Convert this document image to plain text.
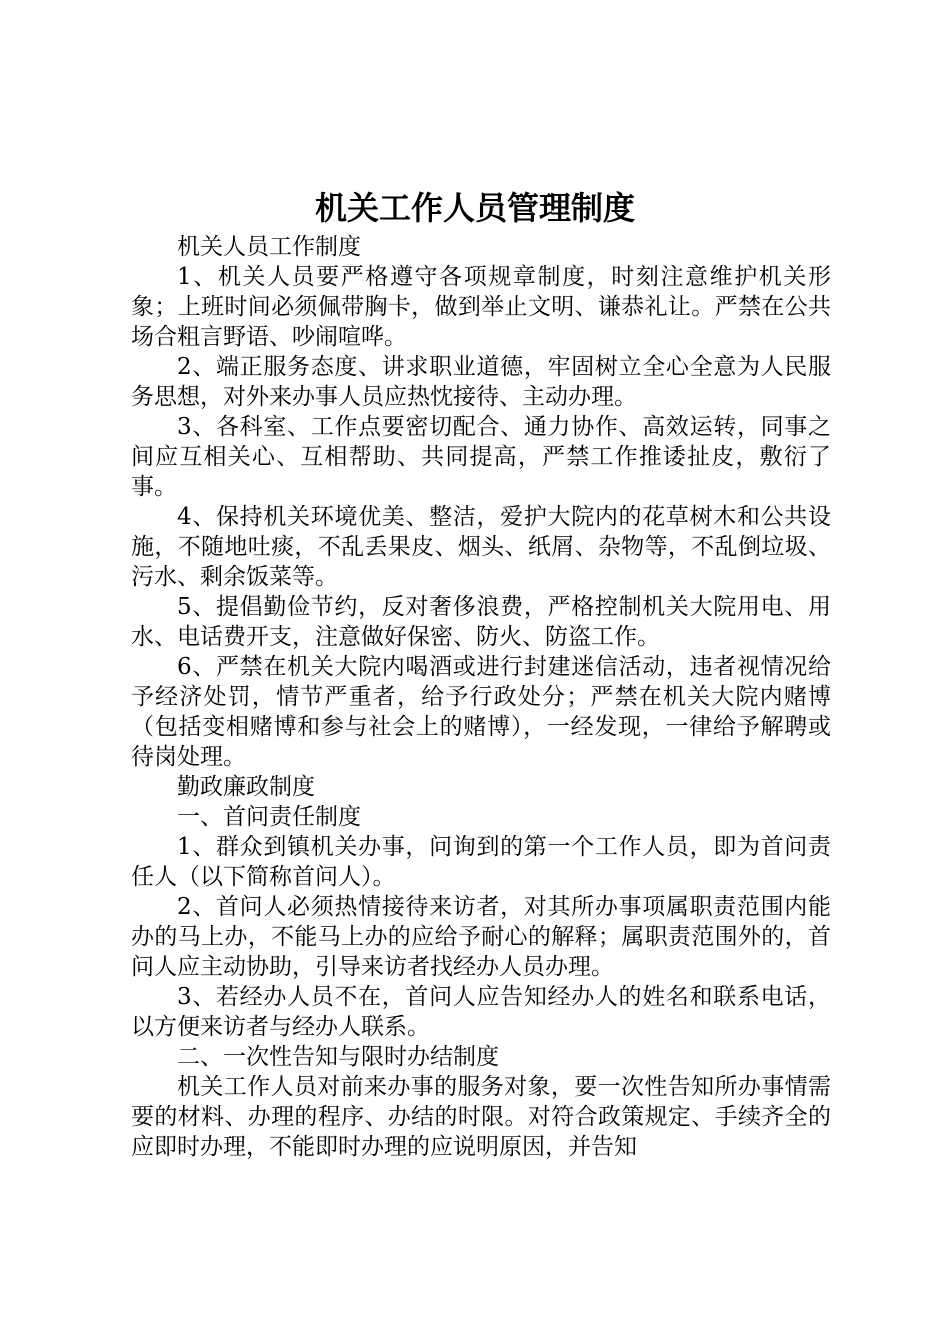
机关工作人员管理制度

机关人员工作制度

1、机关人员要严格遵守各项规章制度，时刻注意维护机关形象；上班时间必须佩带胸卡，做到举止文明、谦恭礼让。严禁在公共场合粗言野语、吵闹喧哗。

2、端正服务态度、讲求职业道德，牢固树立全心全意为人民服务思想，对外来办事人员应热忱接待、主动办理。

3、各科室、工作点要密切配合、通力协作、高效运转，同事之间应互相关心、互相帮助、共同提高，严禁工作推诿扯皮，敷衍了事。

4、保持机关环境优美、整洁，爱护大院内的花草树木和公共设施，不随地吐痰，不乱丢果皮、烟头、纸屑、杂物等，不乱倒垃圾、污水、剩余饭菜等。

5、提倡勤俭节约，反对奢侈浪费，严格控制机关大院用电、用水、电话费开支，注意做好保密、防火、防盗工作。

6、严禁在机关大院内喝酒或进行封建迷信活动，违者视情况给予经济处罚，情节严重者，给予行政处分；严禁在机关大院内赌博（包括变相赌博和参与社会上的赌博），一经发现，一律给予解聘或待岗处理。

勤政廉政制度

一、首问责任制度

1、群众到镇机关办事，问询到的第一个工作人员，即为首问责任人（以下简称首问人）。

2、首问人必须热情接待来访者，对其所办事项属职责范围内能办的马上办，不能马上办的应给予耐心的解释；属职责范围外的，首问人应主动协助，引导来访者找经办人员办理。

3、若经办人员不在，首问人应告知经办人的姓名和联系电话，以方便来访者与经办人联系。

二、一次性告知与限时办结制度

机关工作人员对前来办事的服务对象，要一次性告知所办事情需要的材料、办理的程序、办结的时限。对符合政策规定、手续齐全的应即时办理，不能即时办理的应说明原因，并告知
